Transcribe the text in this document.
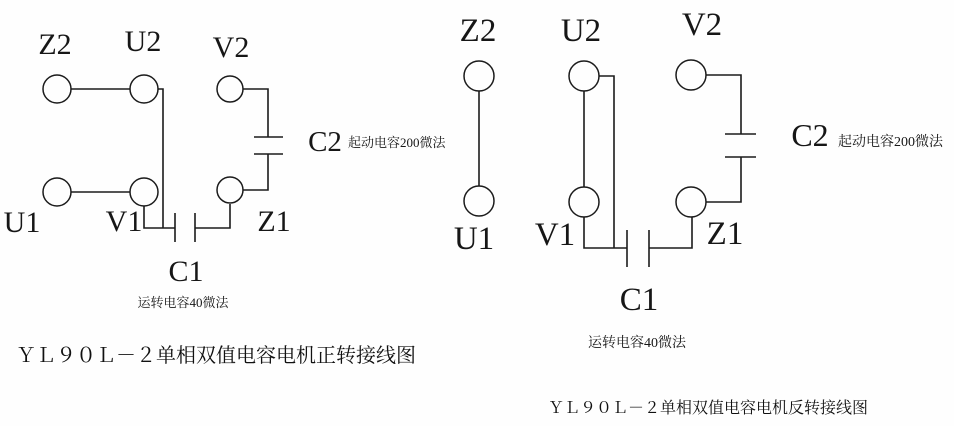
Z2 U2 V2
U1 V1	Z1
C1
C2 起动电容200微法
运转电容40微法
ＹＬ９０Ｌ－２单相双值电容电机正转接线图
Z2 U2 V2
U1 V1	Z1
C1
C2 起动电容200微法
运转电容40微法
ＹＬ９０Ｌ－２单相双值电容电机反转接线图
